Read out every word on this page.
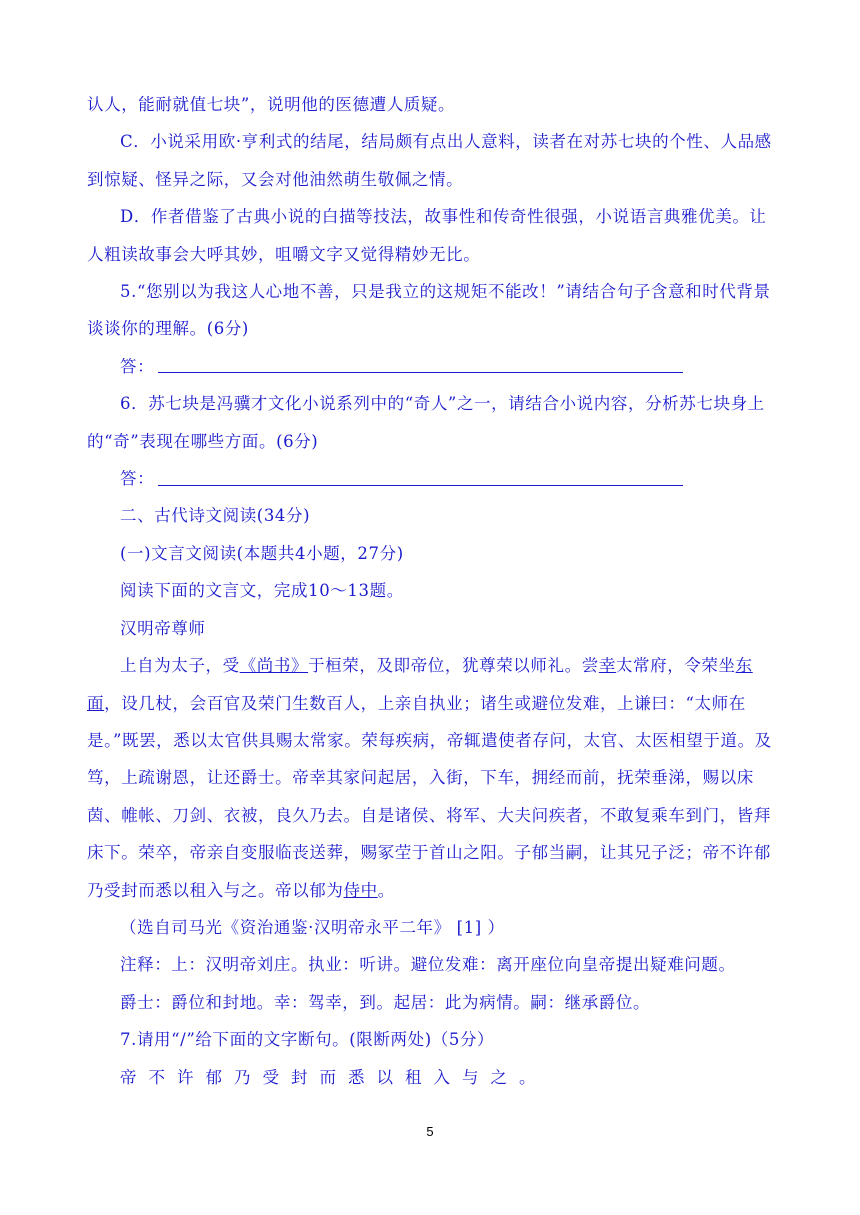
认人，能耐就值七块”，说明他的医德遭人质疑。

C．小说采用欧·亨利式的结尾，结局颇有点出人意料，读者在对苏七块的个性、人品感到惊疑、怪异之际，又会对他油然萌生敬佩之情。

D．作者借鉴了古典小说的白描等技法，故事性和传奇性很强，小说语言典雅优美。让人粗读故事会大呼其妙，咀嚼文字又觉得精妙无比。

5.“您别以为我这人心地不善，只是我立的这规矩不能改！”请结合句子含意和时代背景谈谈你的理解。(6分)

答：

6．苏七块是冯骥才文化小说系列中的“奇人”之一，请结合小说内容，分析苏七块身上的“奇”表现在哪些方面。(6分)

答：

二、古代诗文阅读(34分)

(一)文言文阅读(本题共4小题，27分)

阅读下面的文言文，完成10～13题。

汉明帝尊师

上自为太子，受《尚书》于桓荣，及即帝位，犹尊荣以师礼。尝幸太常府，令荣坐东面，设几杖，会百官及荣门生数百人，上亲自执业；诸生或避位发难，上谦曰：“太师在是。”既罢，悉以太官供具赐太常家。荣每疾病，帝辄遣使者存问，太官、太医相望于道。及笃，上疏谢恩，让还爵士。帝幸其家问起居，入街，下车，拥经而前，抚荣垂涕，赐以床茵、帷帐、刀剑、衣被，良久乃去。自是诸侯、将军、大夫问疾者，不敢复乘车到门，皆拜床下。荣卒，帝亲自变服临丧送葬，赐冢茔于首山之阳。子郁当嗣，让其兄子泛；帝不许郁乃受封而悉以租入与之。帝以郁为侍中。

（选自司马光《资治通鉴·汉明帝永平二年》 [1] ）

注释：上：汉明帝刘庄。执业：听讲。避位发难：离开座位向皇帝提出疑难问题。

爵士：爵位和封地。幸：驾幸，到。起居：此为病情。嗣：继承爵位。

7.请用“/”给下面的文字断句。(限断两处)（5分）

帝不许郁乃受封而悉以租入与之。

5
